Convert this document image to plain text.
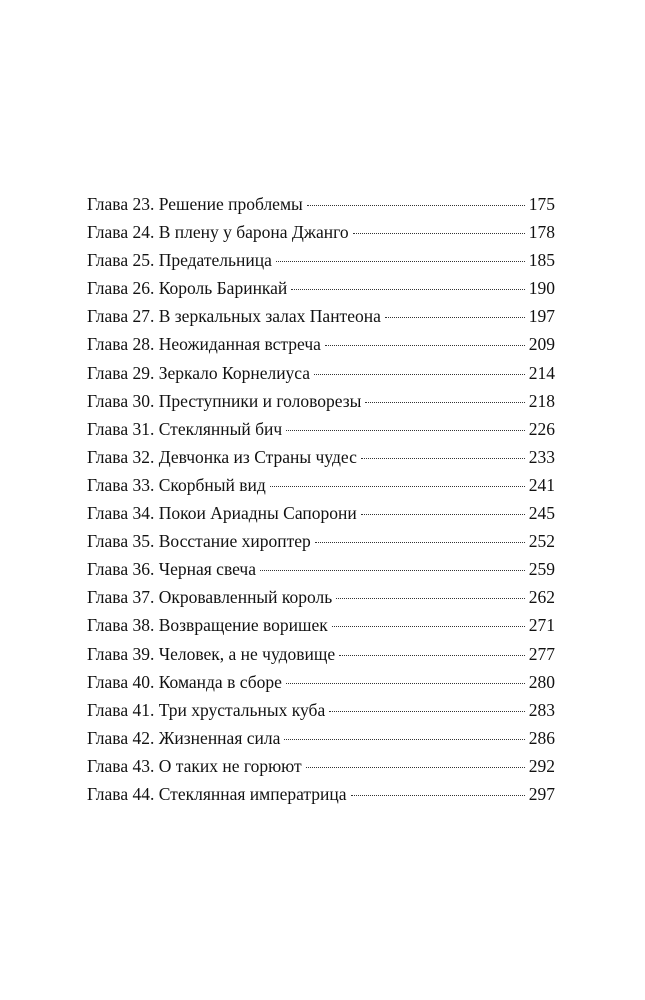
Глава 23. Решение проблемы	175
Глава 24. В плену у барона Джанго	178
Глава 25. Предательница	185
Глава 26. Король Баринкай	190
Глава 27. В зеркальных залах Пантеона	197
Глава 28. Неожиданная встреча	209
Глава 29. Зеркало Корнелиуса	214
Глава 30. Преступники и головорезы	218
Глава 31. Стеклянный бич	226
Глава 32. Девчонка из Страны чудес	233
Глава 33. Скорбный вид	241
Глава 34. Покои Ариадны Сапорони	245
Глава 35. Восстание хироптер	252
Глава 36. Черная свеча	259
Глава 37. Окровавленный король	262
Глава 38. Возвращение воришек	271
Глава 39. Человек, а не чудовище	277
Глава 40. Команда в сборе	280
Глава 41. Три хрустальных куба	283
Глава 42. Жизненная сила	286
Глава 43. О таких не горюют	292
Глава 44. Стеклянная императрица	297
